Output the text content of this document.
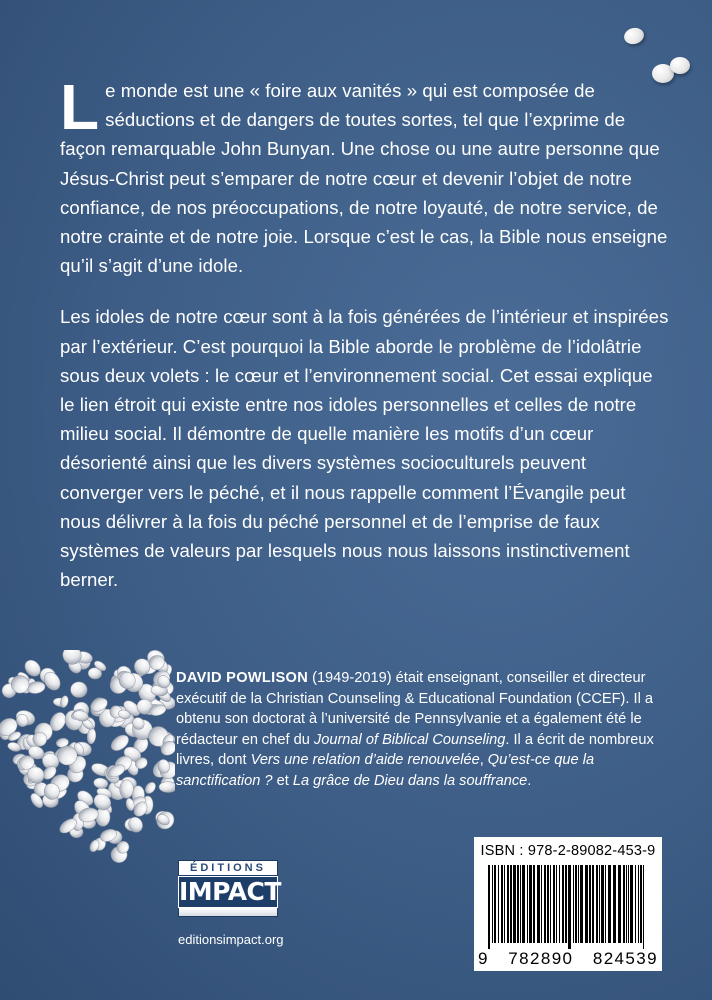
Le monde est une « foire aux vanités » qui est composée de séductions et de dangers de toutes sortes, tel que l’exprime de façon remarquable John Bunyan. Une chose ou une autre personne que Jésus-Christ peut s’emparer de notre cœur et devenir l’objet de notre confiance, de nos préoccupations, de notre loyauté, de notre service, de notre crainte et de notre joie. Lorsque c’est le cas, la Bible nous enseigne qu’il s’agit d’une idole.

Les idoles de notre cœur sont à la fois générées de l’intérieur et inspirées par l’extérieur. C’est pourquoi la Bible aborde le problème de l’idolâtrie sous deux volets : le cœur et l’environnement social. Cet essai explique le lien étroit qui existe entre nos idoles personnelles et celles de notre milieu social. Il démontre de quelle manière les motifs d’un cœur désorienté ainsi que les divers systèmes socioculturels peuvent converger vers le péché, et il nous rappelle comment l’Évangile peut nous délivrer à la fois du péché personnel et de l’emprise de faux systèmes de valeurs par lesquels nous nous laissons instinctivement berner.

DAVID POWLISON (1949-2019) était enseignant, conseiller et directeur exécutif de la Christian Counseling & Educational Foundation (CCEF). Il a obtenu son doctorat à l’université de Pennsylvanie et a également été le rédacteur en chef du Journal of Biblical Counseling. Il a écrit de nombreux livres, dont Vers une relation d’aide renouvelée, Qu’est-ce que la sanctification ? et La grâce de Dieu dans la souffrance.
ÉDITIONS
IMPACT
editionsimpact.org
ISBN : 978-2-89082-453-9
9 782890 824539
